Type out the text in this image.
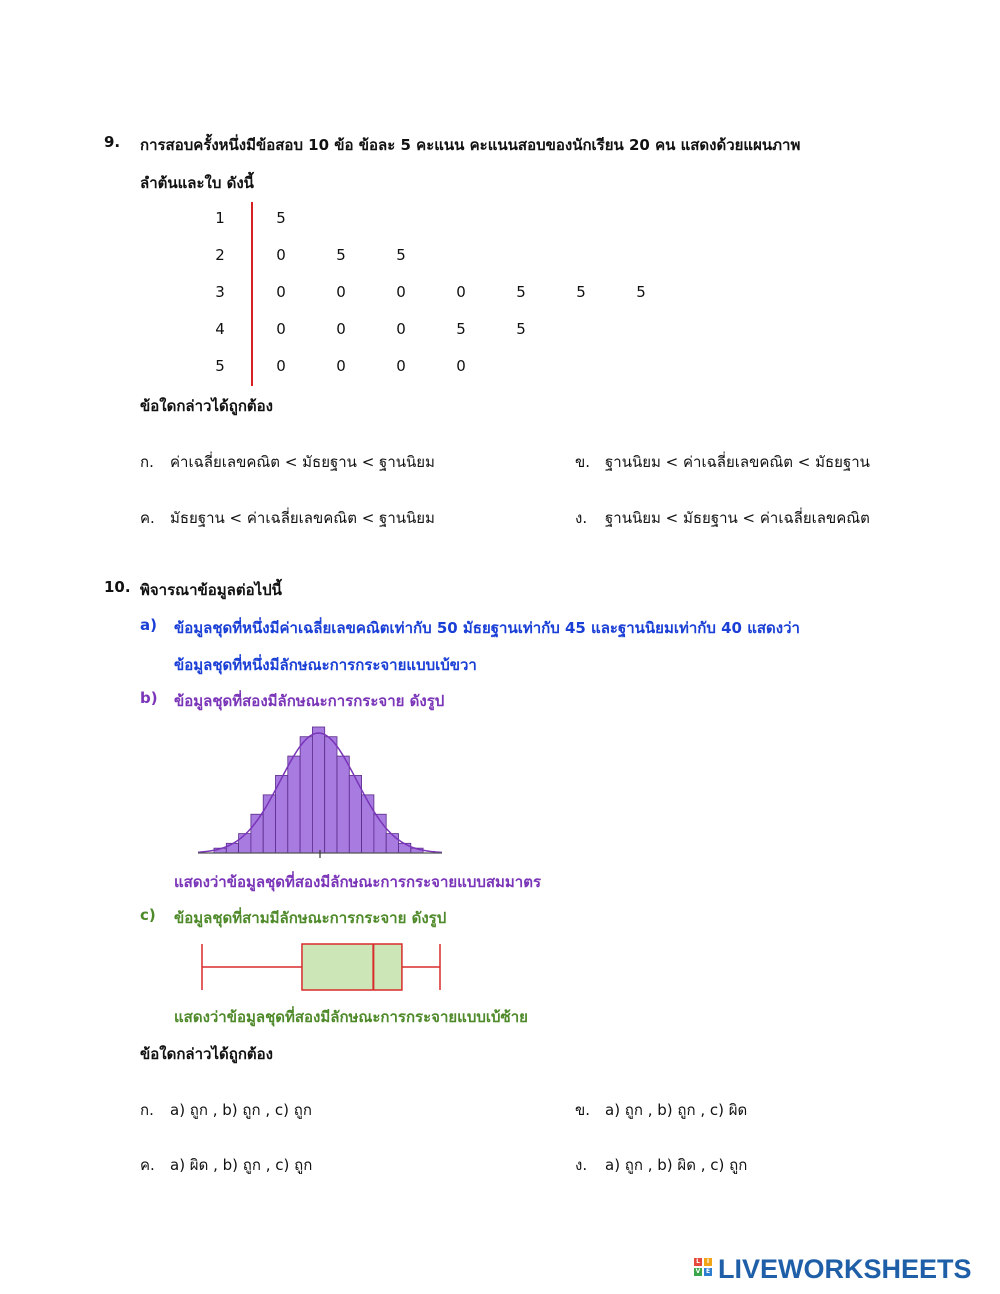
9. การสอบครั้งหนึ่งมีข้อสอบ 10 ข้อ ข้อละ 5 คะแนน คะแนนสอบของนักเรียน 20 คน แสดงด้วยแผนภาพ
ลำต้นและใบ ดังนี้
1	5
2	0	5	5
3	0	0	0	0	5	5	5
4	0	0	0	5	5
5	0	0	0	0
ข้อใดกล่าวได้ถูกต้อง
ก. ค่าเฉลี่ยเลขคณิต < มัธยฐาน < ฐานนิยม	ข. ฐานนิยม < ค่าเฉลี่ยเลขคณิต < มัธยฐาน
ค. มัธยฐาน < ค่าเฉลี่ยเลขคณิต < ฐานนิยม	ง. ฐานนิยม < มัธยฐาน < ค่าเฉลี่ยเลขคณิต
10. พิจารณาข้อมูลต่อไปนี้
a) ข้อมูลชุดที่หนึ่งมีค่าเฉลี่ยเลขคณิตเท่ากับ 50 มัธยฐานเท่ากับ 45 และฐานนิยมเท่ากับ 40 แสดงว่า
ข้อมูลชุดที่หนึ่งมีลักษณะการกระจายแบบเบ้ขวา
b) ข้อมูลชุดที่สองมีลักษณะการกระจาย ดังรูป
แสดงว่าข้อมูลชุดที่สองมีลักษณะการกระจายแบบสมมาตร
c) ข้อมูลชุดที่สามมีลักษณะการกระจาย ดังรูป
แสดงว่าข้อมูลชุดที่สองมีลักษณะการกระจายแบบเบ้ซ้าย
ข้อใดกล่าวได้ถูกต้อง
ก. a) ถูก , b) ถูก , c) ถูก	ข. a) ถูก , b) ถูก , c) ผิด
ค. a) ผิด , b) ถูก , c) ถูก	ง. a) ถูก , b) ผิด , c) ถูก
L	I
V E LIVEWORKSHEETS
